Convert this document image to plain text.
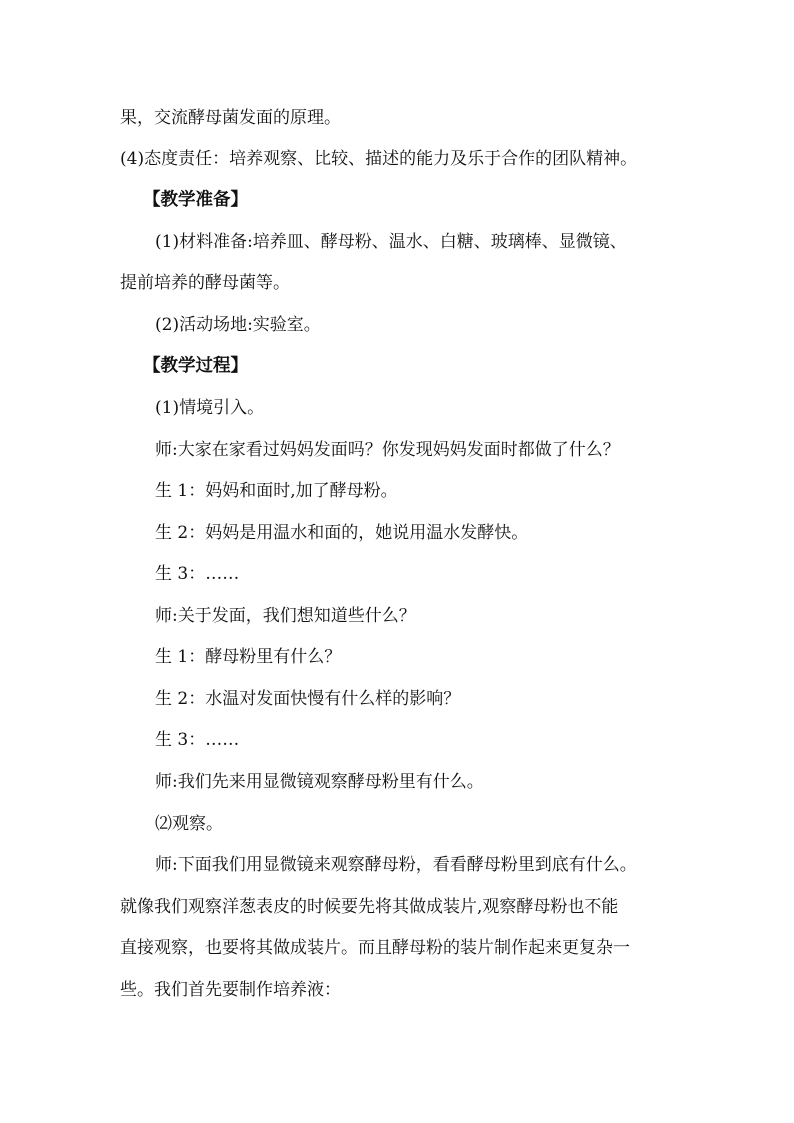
果，交流酵母菌发面的原理。
(4)态度责任：培养观察、比较、描述的能力及乐于合作的团队精神。
【教学准备】
(1)材料准备:培养皿、酵母粉、温水、白糖、玻璃棒、显微镜、
提前培养的酵母菌等。
(2)活动场地:实验室。
【教学过程】
(1)情境引入。
师:大家在家看过妈妈发面吗？你发现妈妈发面时都做了什么？
生 1：妈妈和面时,加了酵母粉。
生 2：妈妈是用温水和面的，她说用温水发酵快。
生 3：……
师:关于发面，我们想知道些什么？
生 1：酵母粉里有什么？
生 2：水温对发面快慢有什么样的影响？
生 3：……
师:我们先来用显微镜观察酵母粉里有什么。
⑵观察。
师:下面我们用显微镜来观察酵母粉，看看酵母粉里到底有什么。
就像我们观察洋葱表皮的时候要先将其做成装片,观察酵母粉也不能
直接观察，也要将其做成装片。而且酵母粉的装片制作起来更复杂一
些。我们首先要制作培养液：
